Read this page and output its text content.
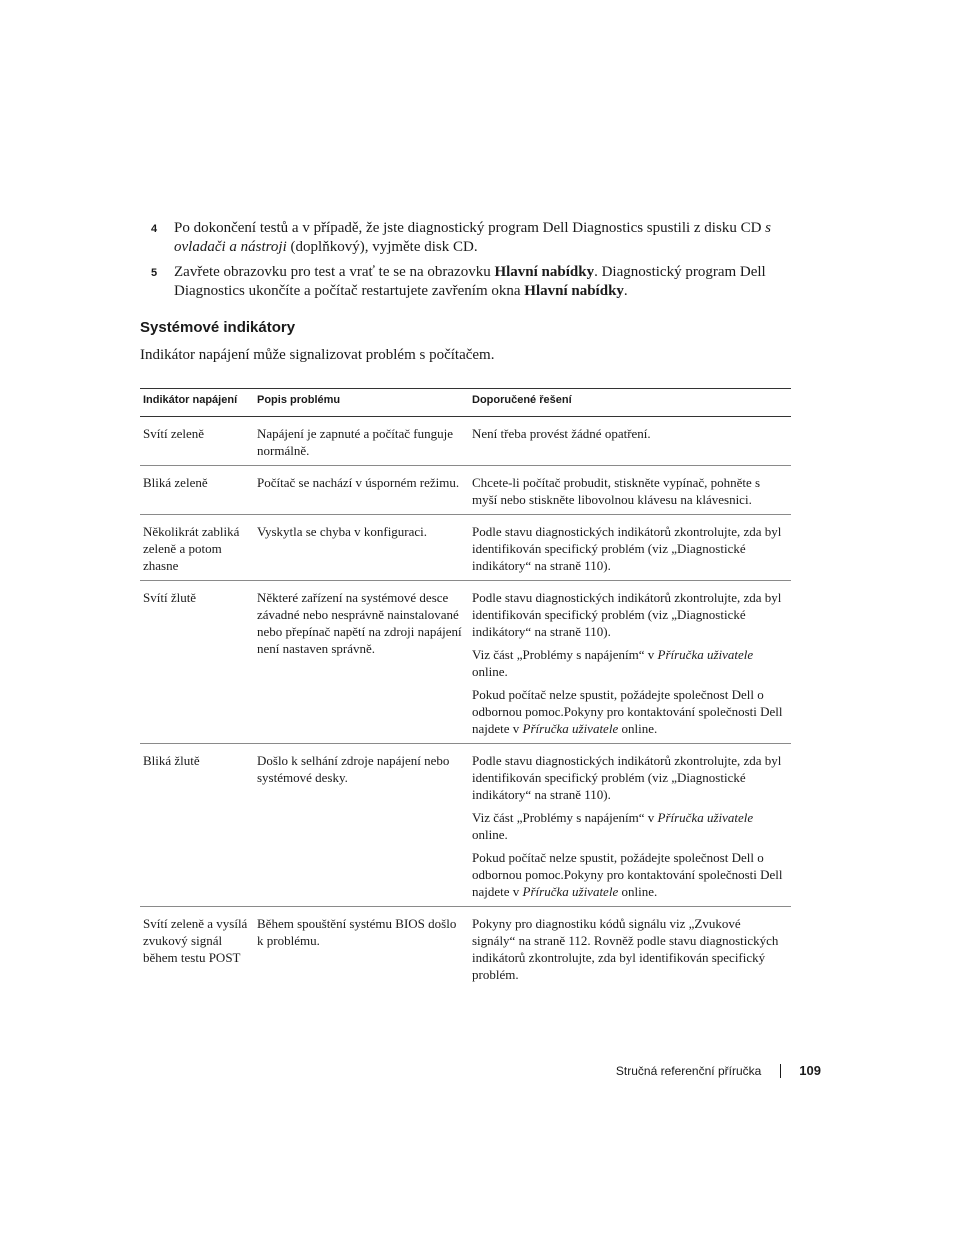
4 Po dokončení testů a v případě, že jste diagnostický program Dell Diagnostics spustili z disku CD s ovladači a nástroji (doplňkový), vyjměte disk CD.
5 Zavřete obrazovku pro test a vrať te se na obrazovku Hlavní nabídky. Diagnostický program Dell Diagnostics ukončíte a počítač restartujete zavřením okna Hlavní nabídky.
Systémové indikátory

Indikátor napájení může signalizovat problém s počítačem.

Indikátor napájení	Popis problému	Doporučené řešení
Svítí zeleně	Napájení je zapnuté a počítač funguje normálně.	Není třeba provést žádné opatření.

Bliká zeleně	Počítač se nachází v úsporném režimu.	Chcete-li počítač probudit, stiskněte vypínač, pohněte s myší nebo stiskněte libovolnou klávesu na klávesnici.

Několikrát zabliká zeleně a potom zhasne	Vyskytla se chyba v konfiguraci.	Podle stavu diagnostických indikátorů zkontrolujte, zda byl identifikován specifický problém (viz „Diagnostické indikátory“ na straně 110).

Svítí žlutě	Některé zařízení na systémové desce závadné nebo nesprávně nainstalované nebo přepínač napětí na zdroji napájení není nastaven správně.	Podle stavu diagnostických indikátorů zkontrolujte, zda byl identifikován specifický problém (viz „Diagnostické indikátory“ na straně 110).

Viz část „Problémy s napájením“ v Příručka uživatele online.

Pokud počítač nelze spustit, požádejte společnost Dell o odbornou pomoc.Pokyny pro kontaktování společnosti Dell najdete v Příručka uživatele online.

Bliká žlutě	Došlo k selhání zdroje napájení nebo systémové desky.	Podle stavu diagnostických indikátorů zkontrolujte, zda byl identifikován specifický problém (viz „Diagnostické indikátory“ na straně 110).

Viz část „Problémy s napájením“ v Příručka uživatele online.

Pokud počítač nelze spustit, požádejte společnost Dell o odbornou pomoc.Pokyny pro kontaktování společnosti Dell najdete v Příručka uživatele online.

Svítí zeleně a vysílá zvukový signál během testu POST	Během spouštění systému BIOS došlo k problému.	Pokyny pro diagnostiku kódů signálu viz „Zvukové signály“ na straně 112. Rovněž podle stavu diagnostických indikátorů zkontrolujte, zda byl identifikován specifický problém.

Stručná referenční příručka	109
